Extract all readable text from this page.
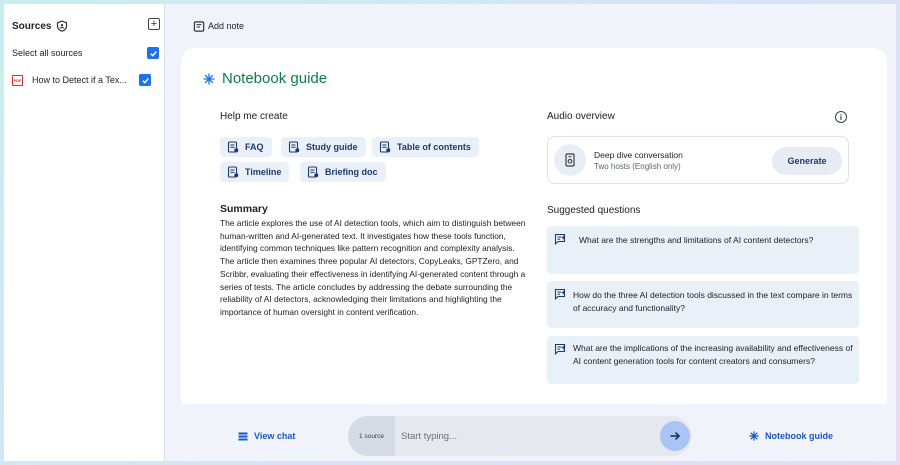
Sources	+
Select all sources
PDF How to Detect if a Tex...
Add note
Notebook guide
Help me create
FAQ	Study guide	Table of contents
Timeline	Briefing doc
Summary

The article explores the use of AI detection tools, which aim to distinguish between human-written and AI-generated text. It investigates how these tools function, identifying common techniques like pattern recognition and complexity analysis. The article then examines three popular AI detectors, CopyLeaks, GPTZero, and Scribbr, evaluating their effectiveness in identifying AI-generated content through a series of tests. The article concludes by addressing the debate surrounding the reliability of AI detectors, acknowledging their limitations and highlighting the importance of human oversight in content verification.

Audio overview	i
Deep dive conversation
Two hosts (English only)
Generate
Suggested questions
What are the strengths and limitations of AI content detectors?
How do the three AI detection tools discussed in the text compare in terms of accuracy and functionality?
What are the implications of the increasing availability and effectiveness of AI content generation tools for content creators and consumers?
View chat	1 source
Start typing...	Notebook guide
